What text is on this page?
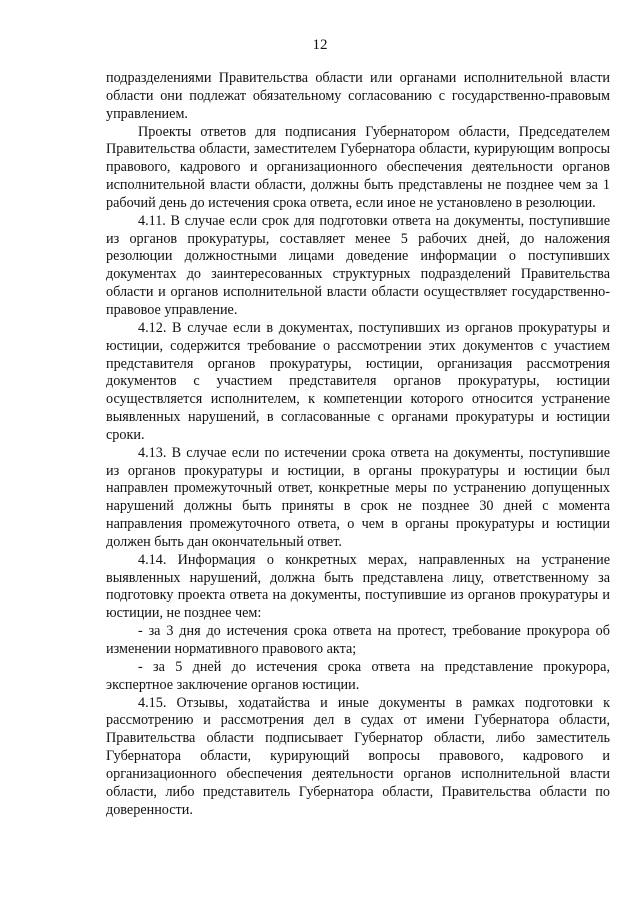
12

подразделениями Правительства области или органами исполнительной власти области они подлежат обязательному согласованию с государственно-правовым управлением.

Проекты ответов для подписания Губернатором области, Председателем Правительства области, заместителем Губернатора области, курирующим вопросы правового, кадрового и организационного обеспечения деятельности органов исполнительной власти области, должны быть представлены не позднее чем за 1 рабочий день до истечения срока ответа, если иное не установлено в резолюции.

4.11. В случае если срок для подготовки ответа на документы, поступившие из органов прокуратуры, составляет менее 5 рабочих дней, до наложения резолюции должностными лицами доведение информации о поступивших документах до заинтересованных структурных подразделений Правительства области и органов исполнительной власти области осуществляет государственно-правовое управление.

4.12. В случае если в документах, поступивших из органов прокуратуры и юстиции, содержится требование о рассмотрении этих документов с участием представителя органов прокуратуры, юстиции, организация рассмотрения документов с участием представителя органов прокуратуры, юстиции осуществляется исполнителем, к компетенции которого относится устранение выявленных нарушений, в согласованные с органами прокуратуры и юстиции сроки.

4.13. В случае если по истечении срока ответа на документы, поступившие из органов прокуратуры и юстиции, в органы прокуратуры и юстиции был направлен промежуточный ответ, конкретные меры по устранению допущенных нарушений должны быть приняты в срок не позднее 30 дней с момента направления промежуточного ответа, о чем в органы прокуратуры и юстиции должен быть дан окончательный ответ.

4.14. Информация о конкретных мерах, направленных на устранение выявленных нарушений, должна быть представлена лицу, ответственному за подготовку проекта ответа на документы, поступившие из органов прокуратуры и юстиции, не позднее чем:

- за 3 дня до истечения срока ответа на протест, требование прокурора об изменении нормативного правового акта;

- за 5 дней до истечения срока ответа на представление прокурора, экспертное заключение органов юстиции.

4.15. Отзывы, ходатайства и иные документы в рамках подготовки к рассмотрению и рассмотрения дел в судах от имени Губернатора области, Правительства области подписывает Губернатор области, либо заместитель Губернатора области, курирующий вопросы правового, кадрового и организационного обеспечения деятельности органов исполнительной власти области, либо представитель Губернатора области, Правительства области по доверенности.
